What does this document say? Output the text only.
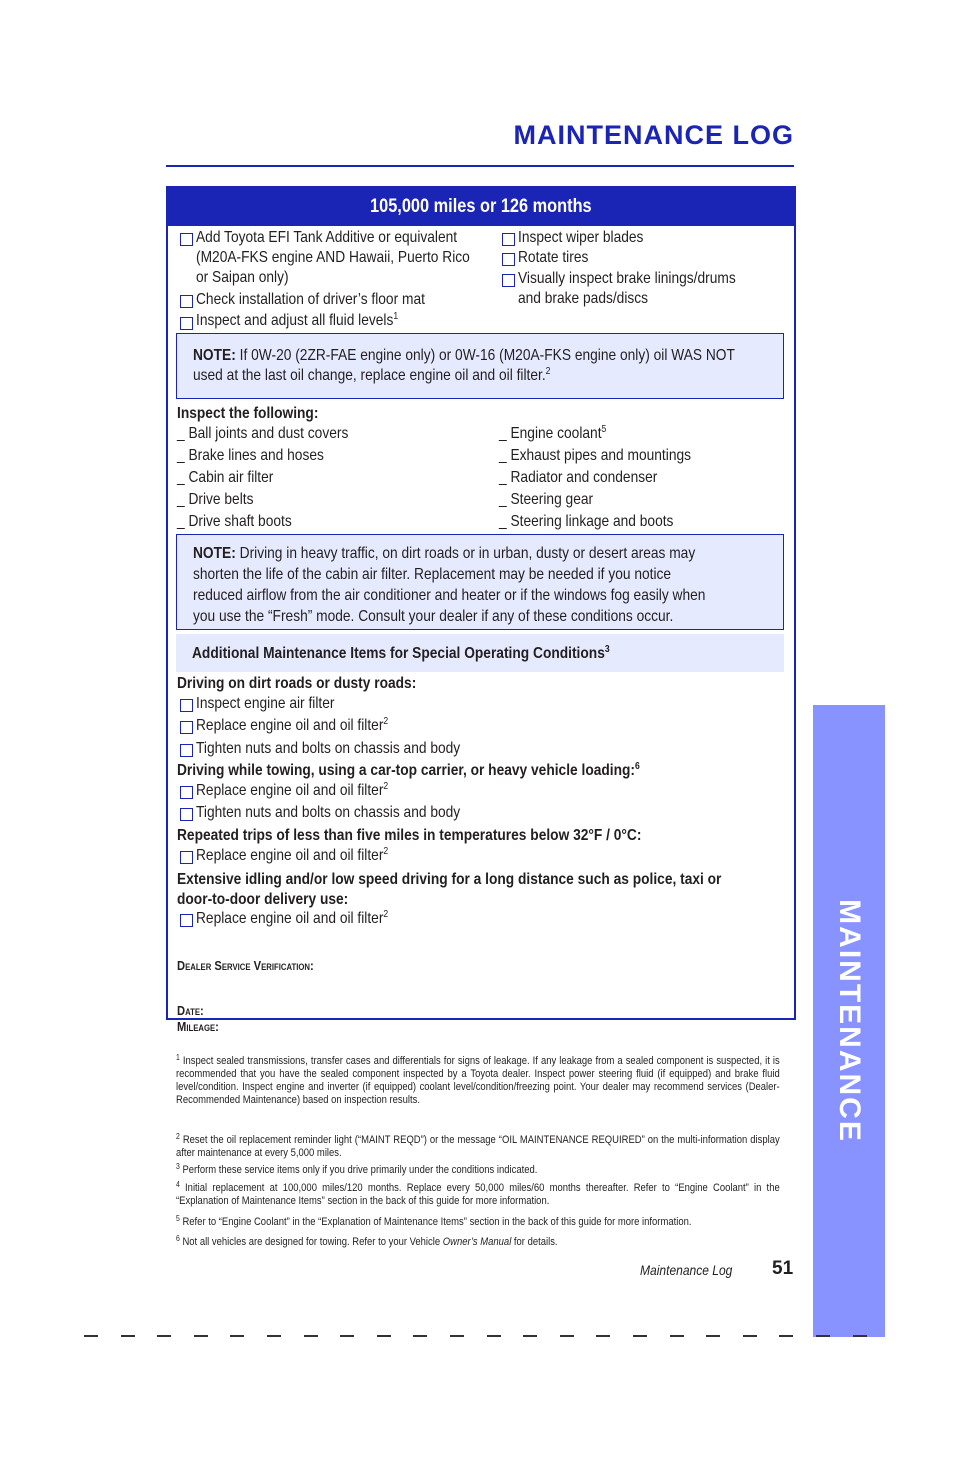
MAINTENANCE LOG
105,000 miles or 126 months
Add Toyota EFI Tank Additive or equivalent
(M20A-FKS engine AND Hawaii, Puerto Rico
or Saipan only)
Check installation of driver’s floor mat
Inspect and adjust all fluid levels$^1$
Inspect wiper blades
Rotate tires
Visually inspect brake linings/drums
and brake pads/discs
NOTE: If 0W-20 (2ZR-FAE engine only) or 0W-16 (M20A-FKS engine only) oil WAS NOT
used at the last oil change, replace engine oil and oil filter.$^2$
Inspect the following:
_ Ball joints and dust covers
_ Brake lines and hoses
_ Cabin air filter
_ Drive belts
_ Drive shaft boots
_ Engine coolant$^5$
_ Exhaust pipes and mountings
_ Radiator and condenser
_ Steering gear
_ Steering linkage and boots
NOTE: Driving in heavy traffic, on dirt roads or in urban, dusty or desert areas may
shorten the life of the cabin air filter. Replacement may be needed if you notice
reduced airflow from the air conditioner and heater or if the windows fog easily when
you use the “Fresh” mode. Consult your dealer if any of these conditions occur.
Additional Maintenance Items for Special Operating Conditions$^3$
Driving on dirt roads or dusty roads:
Inspect engine air filter
Replace engine oil and oil filter$^2$
Tighten nuts and bolts on chassis and body
Driving while towing, using a car-top carrier, or heavy vehicle loading:$^6$
Replace engine oil and oil filter$^2$
Tighten nuts and bolts on chassis and body
Repeated trips of less than five miles in temperatures below 32°F / 0°C:
Replace engine oil and oil filter$^2$
Extensive idling and/or low speed driving for a long distance such as police, taxi or
door-to-door delivery use:
Replace engine oil and oil filter$^2$
Dealer Service Verification:
Date:
Mileage:
$^1$ Inspect sealed transmissions, transfer cases and differentials for signs of leakage. If any leakage from a sealed component is suspected, it is recommended that you have the sealed component inspected by a Toyota dealer. Inspect power steering fluid (if equipped) and brake fluid level/condition. Inspect engine and inverter (if equipped) coolant level/condition/freezing point. Your dealer may recommend services (Dealer-Recommended Maintenance) based on inspection results.
$^2$ Reset the oil replacement reminder light (“MAINT REQD”) or the message “OIL MAINTENANCE REQUIRED” on the multi-information display after maintenance at every 5,000 miles.
$^3$ Perform these service items only if you drive primarily under the conditions indicated.
$^4$ Initial replacement at 100,000 miles/120 months. Replace every 50,000 miles/60 months thereafter. Refer to “Engine Coolant” in the “Explanation of Maintenance Items” section in the back of this guide for more information.
$^5$ Refer to “Engine Coolant” in the “Explanation of Maintenance Items” section in the back of this guide for more information.
$^6$ Not all vehicles are designed for towing. Refer to your Vehicle Owner’s Manual for details.
MAINTENANCE
Maintenance Log	51
